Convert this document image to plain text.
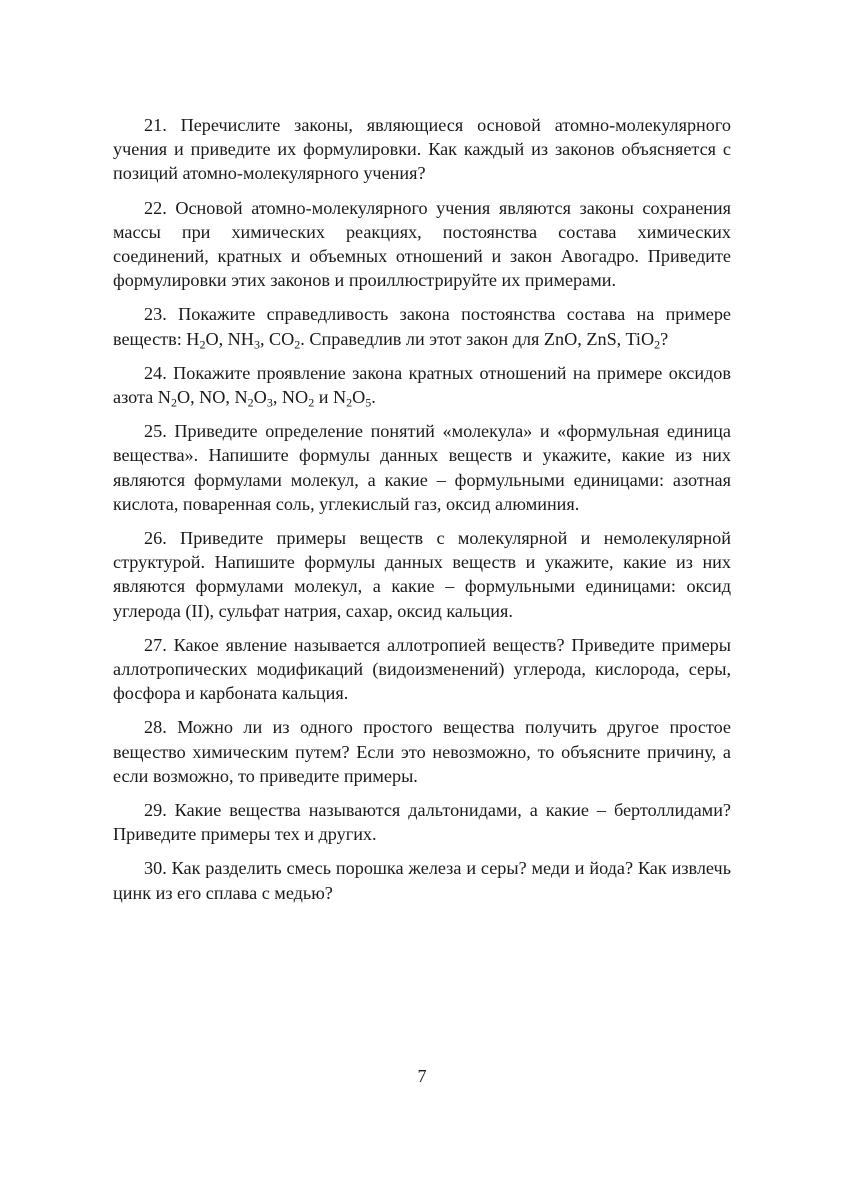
21. Перечислите законы, являющиеся основой атомно-молекулярного учения и приведите их формулировки. Как каждый из законов объясняется с позиций атомно-молекулярного учения?

22. Основой атомно-молекулярного учения являются законы сохранения массы при химических реакциях, постоянства состава химических соединений, кратных и объемных отношений и закон Авогадро. Приведите формулировки этих законов и проиллюстрируйте их примерами.

23. Покажите справедливость закона постоянства состава на примере веществ: $H_2O$, $NH_3$, $CO_2$. Справедлив ли этот закон для ZnO, ZnS, TiO$_2$?

24. Покажите проявление закона кратных отношений на примере оксидов азота $N_2O$, NO, $N_2O_3$, $NO_2$ и $N_2O_5$.

25. Приведите определение понятий «молекула» и «формульная единица вещества». Напишите формулы данных веществ и укажите, какие из них являются формулами молекул, а какие – формульными единицами: азотная кислота, поваренная соль, углекислый газ, оксид алюминия.

26. Приведите примеры веществ с молекулярной и немолекулярной структурой. Напишите формулы данных веществ и укажите, какие из них являются формулами молекул, а какие – формульными единицами: оксид углерода (II), сульфат натрия, сахар, оксид кальция.

27. Какое явление называется аллотропией веществ? Приведите примеры аллотропических модификаций (видоизменений) углерода, кислорода, серы, фосфора и карбоната кальция.

28. Можно ли из одного простого вещества получить другое простое вещество химическим путем? Если это невозможно, то объясните причину, а если возможно, то приведите примеры.

29. Какие вещества называются дальтонидами, а какие – бертоллидами? Приведите примеры тех и других.

30. Как разделить смесь порошка железа и серы? меди и йода? Как извлечь цинк из его сплава с медью?

7
